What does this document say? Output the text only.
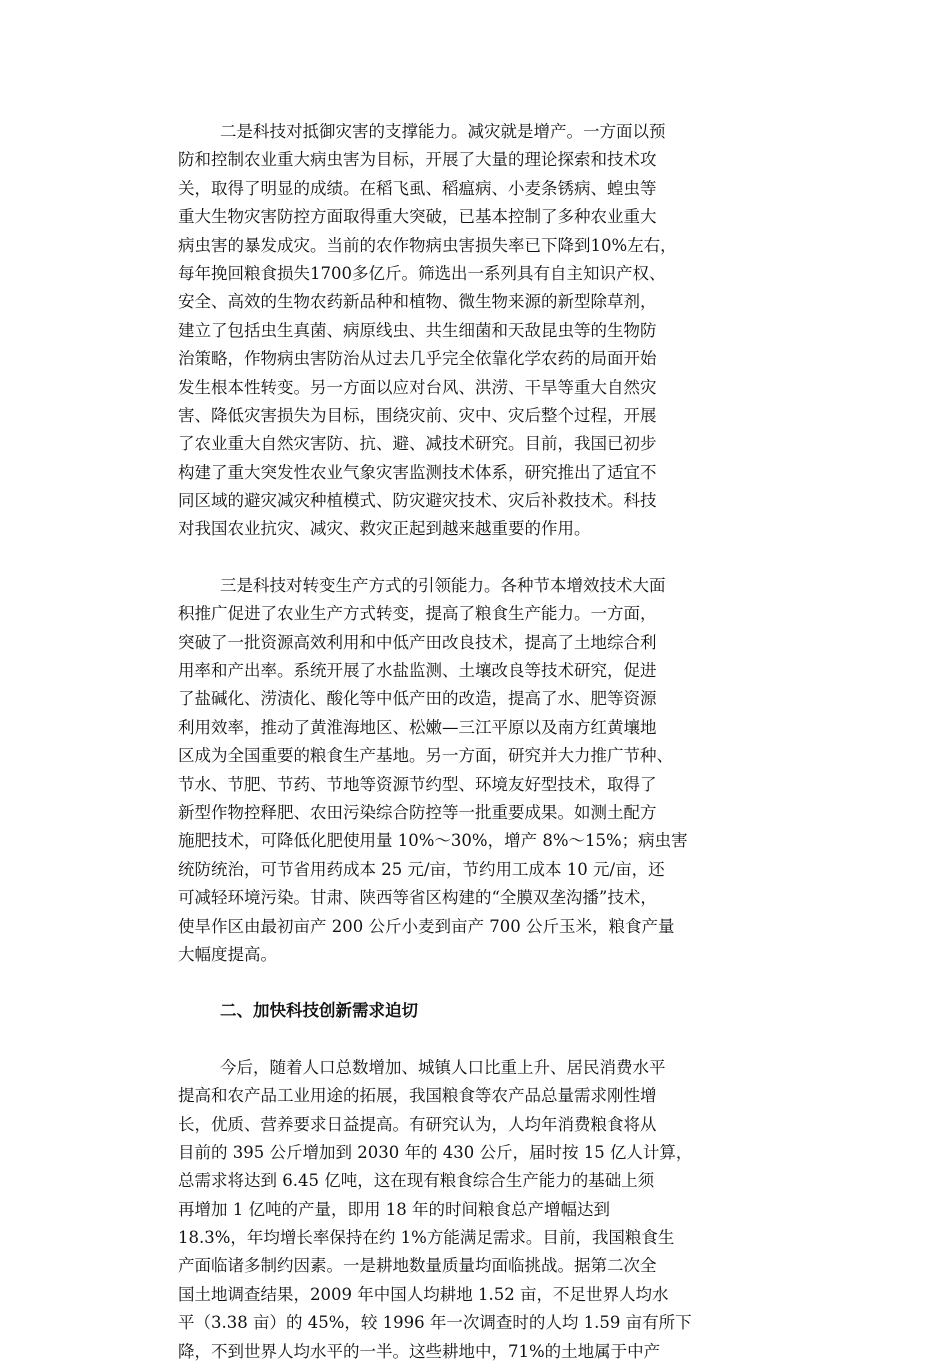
二是科技对抵御灾害的支撑能力。减灾就是增产。一方面以预
防和控制农业重大病虫害为目标，开展了大量的理论探索和技术攻
关，取得了明显的成绩。在稻飞虱、稻瘟病、小麦条锈病、蝗虫等
重大生物灾害防控方面取得重大突破，已基本控制了多种农业重大
病虫害的暴发成灾。当前的农作物病虫害损失率已下降到10%左右，
每年挽回粮食损失1700多亿斤。筛选出一系列具有自主知识产权、
安全、高效的生物农药新品种和植物、微生物来源的新型除草剂，
建立了包括虫生真菌、病原线虫、共生细菌和天敌昆虫等的生物防
治策略，作物病虫害防治从过去几乎完全依靠化学农药的局面开始
发生根本性转变。另一方面以应对台风、洪涝、干旱等重大自然灾
害、降低灾害损失为目标，围绕灾前、灾中、灾后整个过程，开展
了农业重大自然灾害防、抗、避、减技术研究。目前，我国已初步
构建了重大突发性农业气象灾害监测技术体系，研究推出了适宜不
同区域的避灾减灾种植模式、防灾避灾技术、灾后补救技术。科技
对我国农业抗灾、减灾、救灾正起到越来越重要的作用。
三是科技对转变生产方式的引领能力。各种节本增效技术大面
积推广促进了农业生产方式转变，提高了粮食生产能力。一方面，
突破了一批资源高效利用和中低产田改良技术，提高了土地综合利
用率和产出率。系统开展了水盐监测、土壤改良等技术研究，促进
了盐碱化、涝渍化、酸化等中低产田的改造，提高了水、肥等资源
利用效率，推动了黄淮海地区、松嫩—三江平原以及南方红黄壤地
区成为全国重要的粮食生产基地。另一方面，研究并大力推广节种、
节水、节肥、节药、节地等资源节约型、环境友好型技术，取得了
新型作物控释肥、农田污染综合防控等一批重要成果。如测土配方
施肥技术，可降低化肥使用量 10%～30%，增产 8%～15%；病虫害
统防统治，可节省用药成本 25 元/亩，节约用工成本 10 元/亩，还
可减轻环境污染。甘肃、陕西等省区构建的“全膜双垄沟播”技术，
使旱作区由最初亩产 200 公斤小麦到亩产 700 公斤玉米，粮食产量
大幅度提高。
二、加快科技创新需求迫切
今后，随着人口总数增加、城镇人口比重上升、居民消费水平
提高和农产品工业用途的拓展，我国粮食等农产品总量需求刚性增
长，优质、营养要求日益提高。有研究认为，人均年消费粮食将从
目前的 395 公斤增加到 2030 年的 430 公斤，届时按 15 亿人计算，
总需求将达到 6.45 亿吨，这在现有粮食综合生产能力的基础上须
再增加 1 亿吨的产量，即用 18 年的时间粮食总产增幅达到
18.3%，年均增长率保持在约 1%方能满足需求。目前，我国粮食生
产面临诸多制约因素。一是耕地数量质量均面临挑战。据第二次全
国土地调查结果，2009 年中国人均耕地 1.52 亩，不足世界人均水
平（3.38 亩）的 45%，较 1996 年一次调查时的人均 1.59 亩有所下
降，不到世界人均水平的一半。这些耕地中，71%的土地属于中产
